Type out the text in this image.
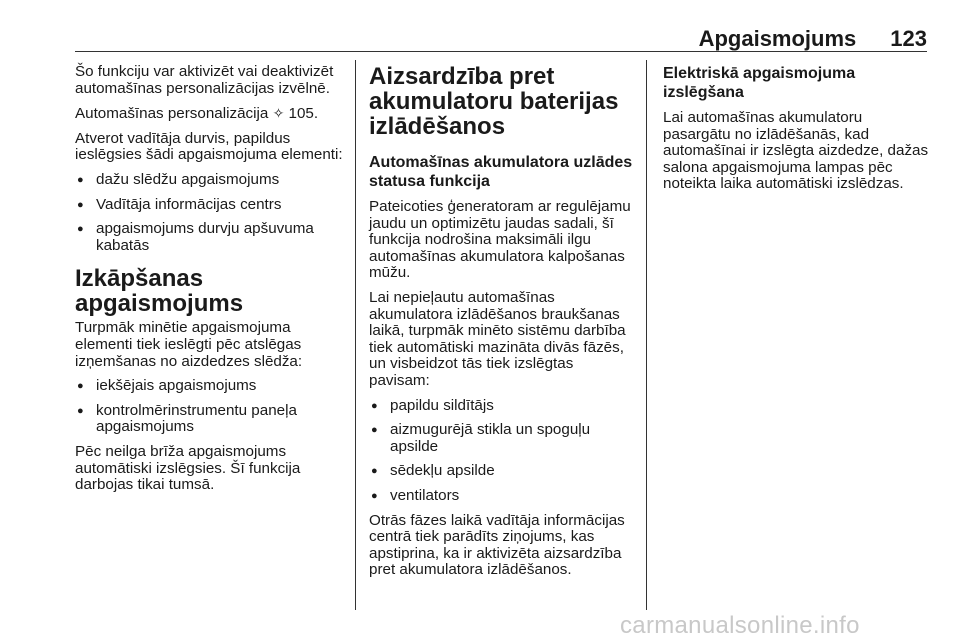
Apgaismojums 123

Šo funkciju var aktivizēt vai deaktivizēt automašīnas personalizācijas izvēlnē.

Automašīnas personalizācija ✧ 105.

Atverot vadītāja durvis, papildus ieslēgsies šādi apgaismojuma elementi:

● dažu slēdžu apgaismojums
● Vadītāja informācijas centrs
● apgaismojums durvju apšuvuma kabatās
Izkāpšanas apgaismojums

Turpmāk minētie apgaismojuma elementi tiek ieslēgti pēc atslēgas izņemšanas no aizdedzes slēdža:

● iekšējais apgaismojums
● kontrolmērinstrumentu paneļa apgaismojums

Pēc neilga brīža apgaismojums automātiski izslēgsies. Šī funkcija darbojas tikai tumsā.

Aizsardzība pret akumulatoru baterijas izlādēšanos
Automašīnas akumulatora uzlādes statusa funkcija

Pateicoties ģeneratoram ar regulējamu jaudu un optimizētu jaudas sadali, šī funkcija nodrošina maksimāli ilgu automašīnas akumulatora kalpošanas mūžu.

Lai nepieļautu automašīnas akumulatora izlādēšanos braukšanas laikā, turpmāk minēto sistēmu darbība tiek automātiski mazināta divās fāzēs, un visbeidzot tās tiek izslēgtas pavisam:

● papildu sildītājs
● aizmugurējā stikla un spoguļu apsilde
● sēdekļu apsilde
● ventilators

Otrās fāzes laikā vadītāja informācijas centrā tiek parādīts ziņojums, kas apstiprina, ka ir aktivizēta aizsardzība pret akumulatora izlādēšanos.

Elektriskā apgaismojuma izslēgšana

Lai automašīnas akumulatoru pasargātu no izlādēšanās, kad automašīnai ir izslēgta aizdedze, dažas salona apgaismojuma lampas pēc noteikta laika automātiski izslēdzas.

carmanualsonline.info
